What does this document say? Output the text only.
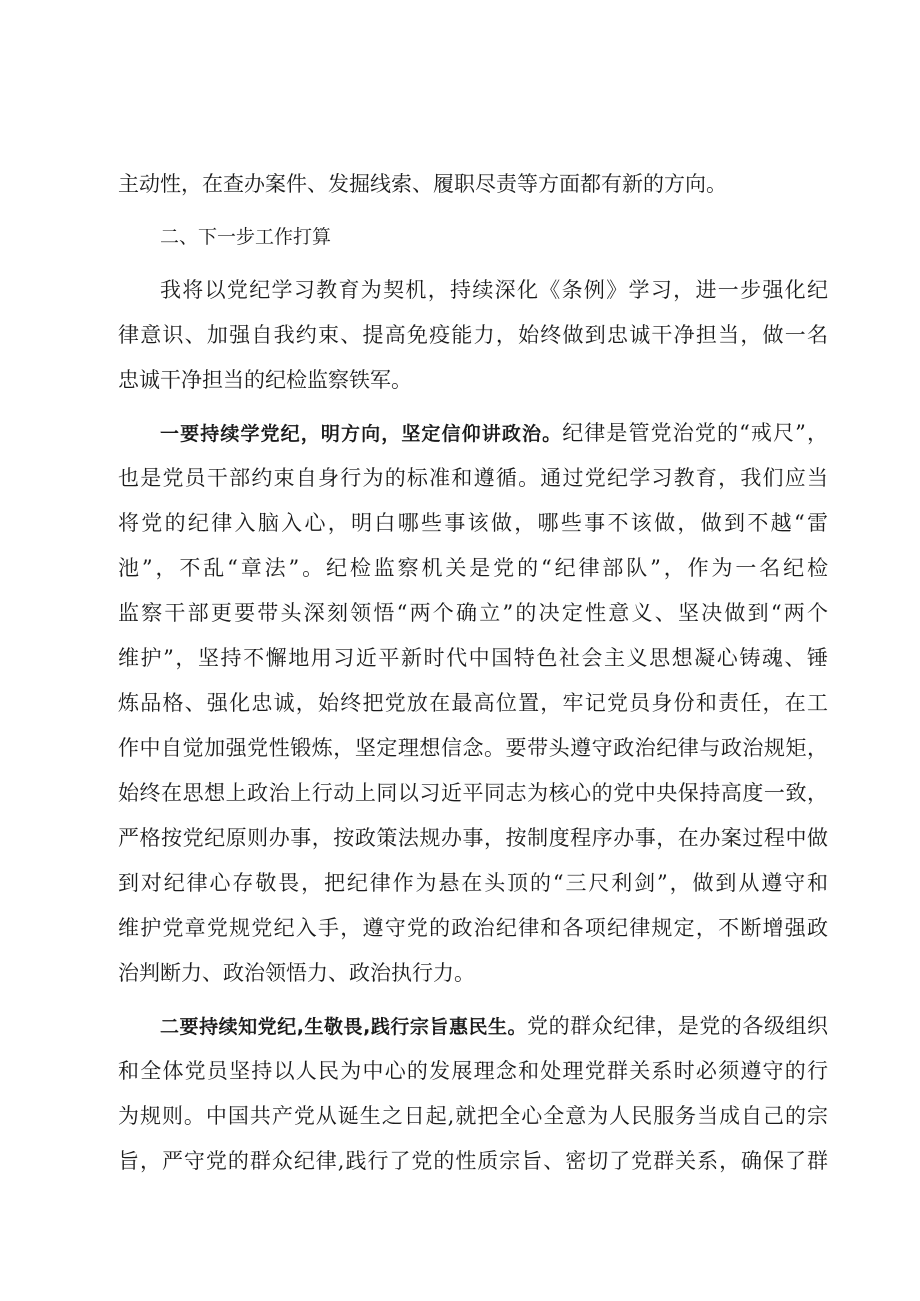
主动性，在查办案件、发掘线索、履职尽责等方面都有新的方向。
二、下一步工作打算
我将以党纪学习教育为契机，持续深化《条例》学习，进一步强化纪
律意识、加强自我约束、提高免疫能力，始终做到忠诚干净担当，做一名
忠诚干净担当的纪检监察铁军。
一要持续学党纪，明方向，坚定信仰讲政治。纪律是管党治党的“戒尺”，
也是党员干部约束自身行为的标准和遵循。通过党纪学习教育，我们应当
将党的纪律入脑入心，明白哪些事该做，哪些事不该做，做到不越“雷
池”，不乱“章法”。纪检监察机关是党的“纪律部队”，作为一名纪检
监察干部更要带头深刻领悟“两个确立”的决定性意义、坚决做到“两个
维护”，坚持不懈地用习近平新时代中国特色社会主义思想凝心铸魂、锤
炼品格、强化忠诚，始终把党放在最高位置，牢记党员身份和责任，在工
作中自觉加强党性锻炼，坚定理想信念。要带头遵守政治纪律与政治规矩，
始终在思想上政治上行动上同以习近平同志为核心的党中央保持高度一致，
严格按党纪原则办事，按政策法规办事，按制度程序办事，在办案过程中做
到对纪律心存敬畏，把纪律作为悬在头顶的“三尺利剑”，做到从遵守和
维护党章党规党纪入手，遵守党的政治纪律和各项纪律规定，不断增强政
治判断力、政治领悟力、政治执行力。
二要持续知党纪,生敬畏,践行宗旨惠民生。党的群众纪律，是党的各级组织
和全体党员坚持以人民为中心的发展理念和处理党群关系时必须遵守的行
为规则。中国共产党从诞生之日起,就把全心全意为人民服务当成自己的宗
旨，严守党的群众纪律,践行了党的性质宗旨、密切了党群关系，确保了群
